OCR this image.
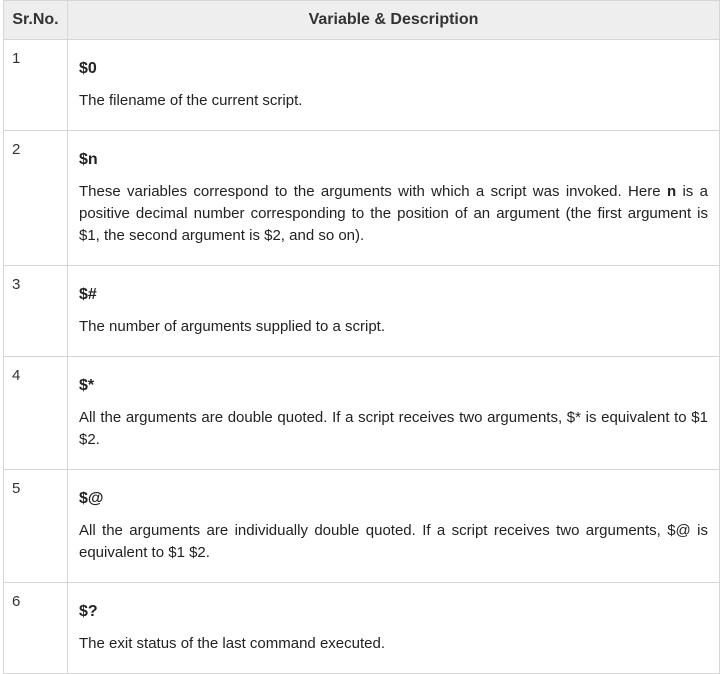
Sr.No.	Variable & Description
1	$0

The filename of the current script.

2	$n

These variables correspond to the arguments with which a script was invoked. Here n is a positive decimal number corresponding to the position of an argument (the first argument is $1, the second argument is $2, and so on).

3	$#

The number of arguments supplied to a script.

4	$*

All the arguments are double quoted. If a script receives two arguments, $* is equivalent to $1 $2.

5	$@

All the arguments are individually double quoted. If a script receives two arguments, $@ is equivalent to $1 $2.

6	$?

The exit status of the last command executed.
